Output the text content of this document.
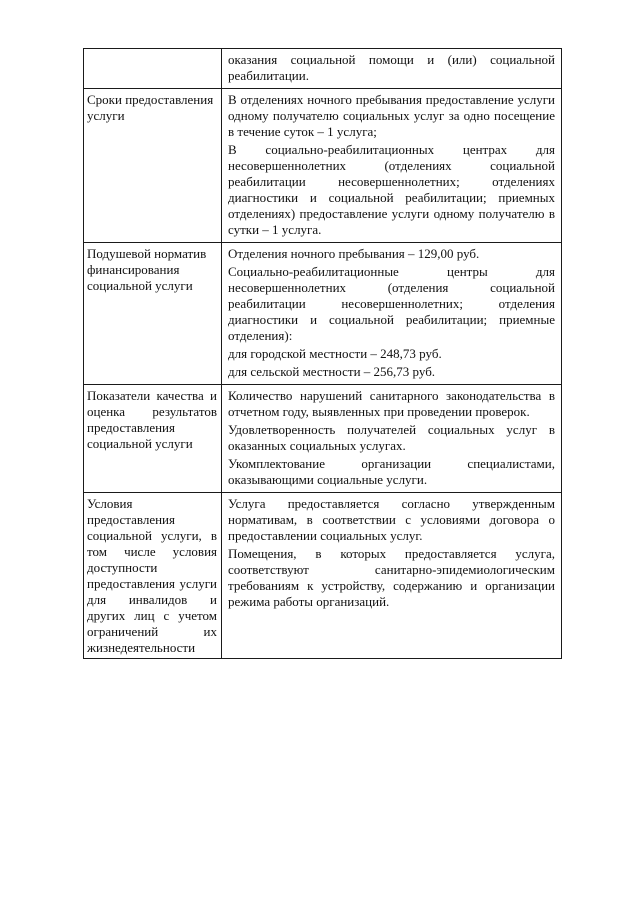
	оказания социальной помощи и (или) социальной реабилитации.

Сроки предоставления услуги	В отделениях ночного пребывания предоставление услуги одному получателю социальных услуг за одно посещение в течение суток – 1 услуга;
В социально-реабилитационных центрах для несовершеннолетних (отделениях социальной реабилитации несовершеннолетних; отделениях диагностики и социальной реабилитации; приемных отделениях) предоставление услуги одному получателю в сутки – 1 услуга.

Подушевой норматив финансирования социальной услуги	Отделения ночного пребывания – 129,00 руб.
Социально-реабилитационные центры для несовершеннолетних (отделения социальной реабилитации несовершеннолетних; отделения диагностики и социальной реабилитации; приемные отделения):
для городской местности – 248,73 руб.
для сельской местности – 256,73 руб.

Показатели качества и оценка результатов предоставления социальной услуги	Количество нарушений санитарного законодательства в отчетном году, выявленных при проведении проверок.
Удовлетворенность получателей социальных услуг в оказанных социальных услугах.
Укомплектование организации специалистами, оказывающими социальные услуги.

Условия предоставления социальной услуги, в том числе условия доступности предоставления услуги для инвалидов и других лиц с учетом ограничений их жизнедеятельности	Услуга предоставляется согласно утвержденным нормативам, в соответствии с условиями договора о предоставлении социальных услуг.
Помещения, в которых предоставляется услуга, соответствуют санитарно-эпидемиологическим требованиям к устройству, содержанию и организации режима работы организаций.
